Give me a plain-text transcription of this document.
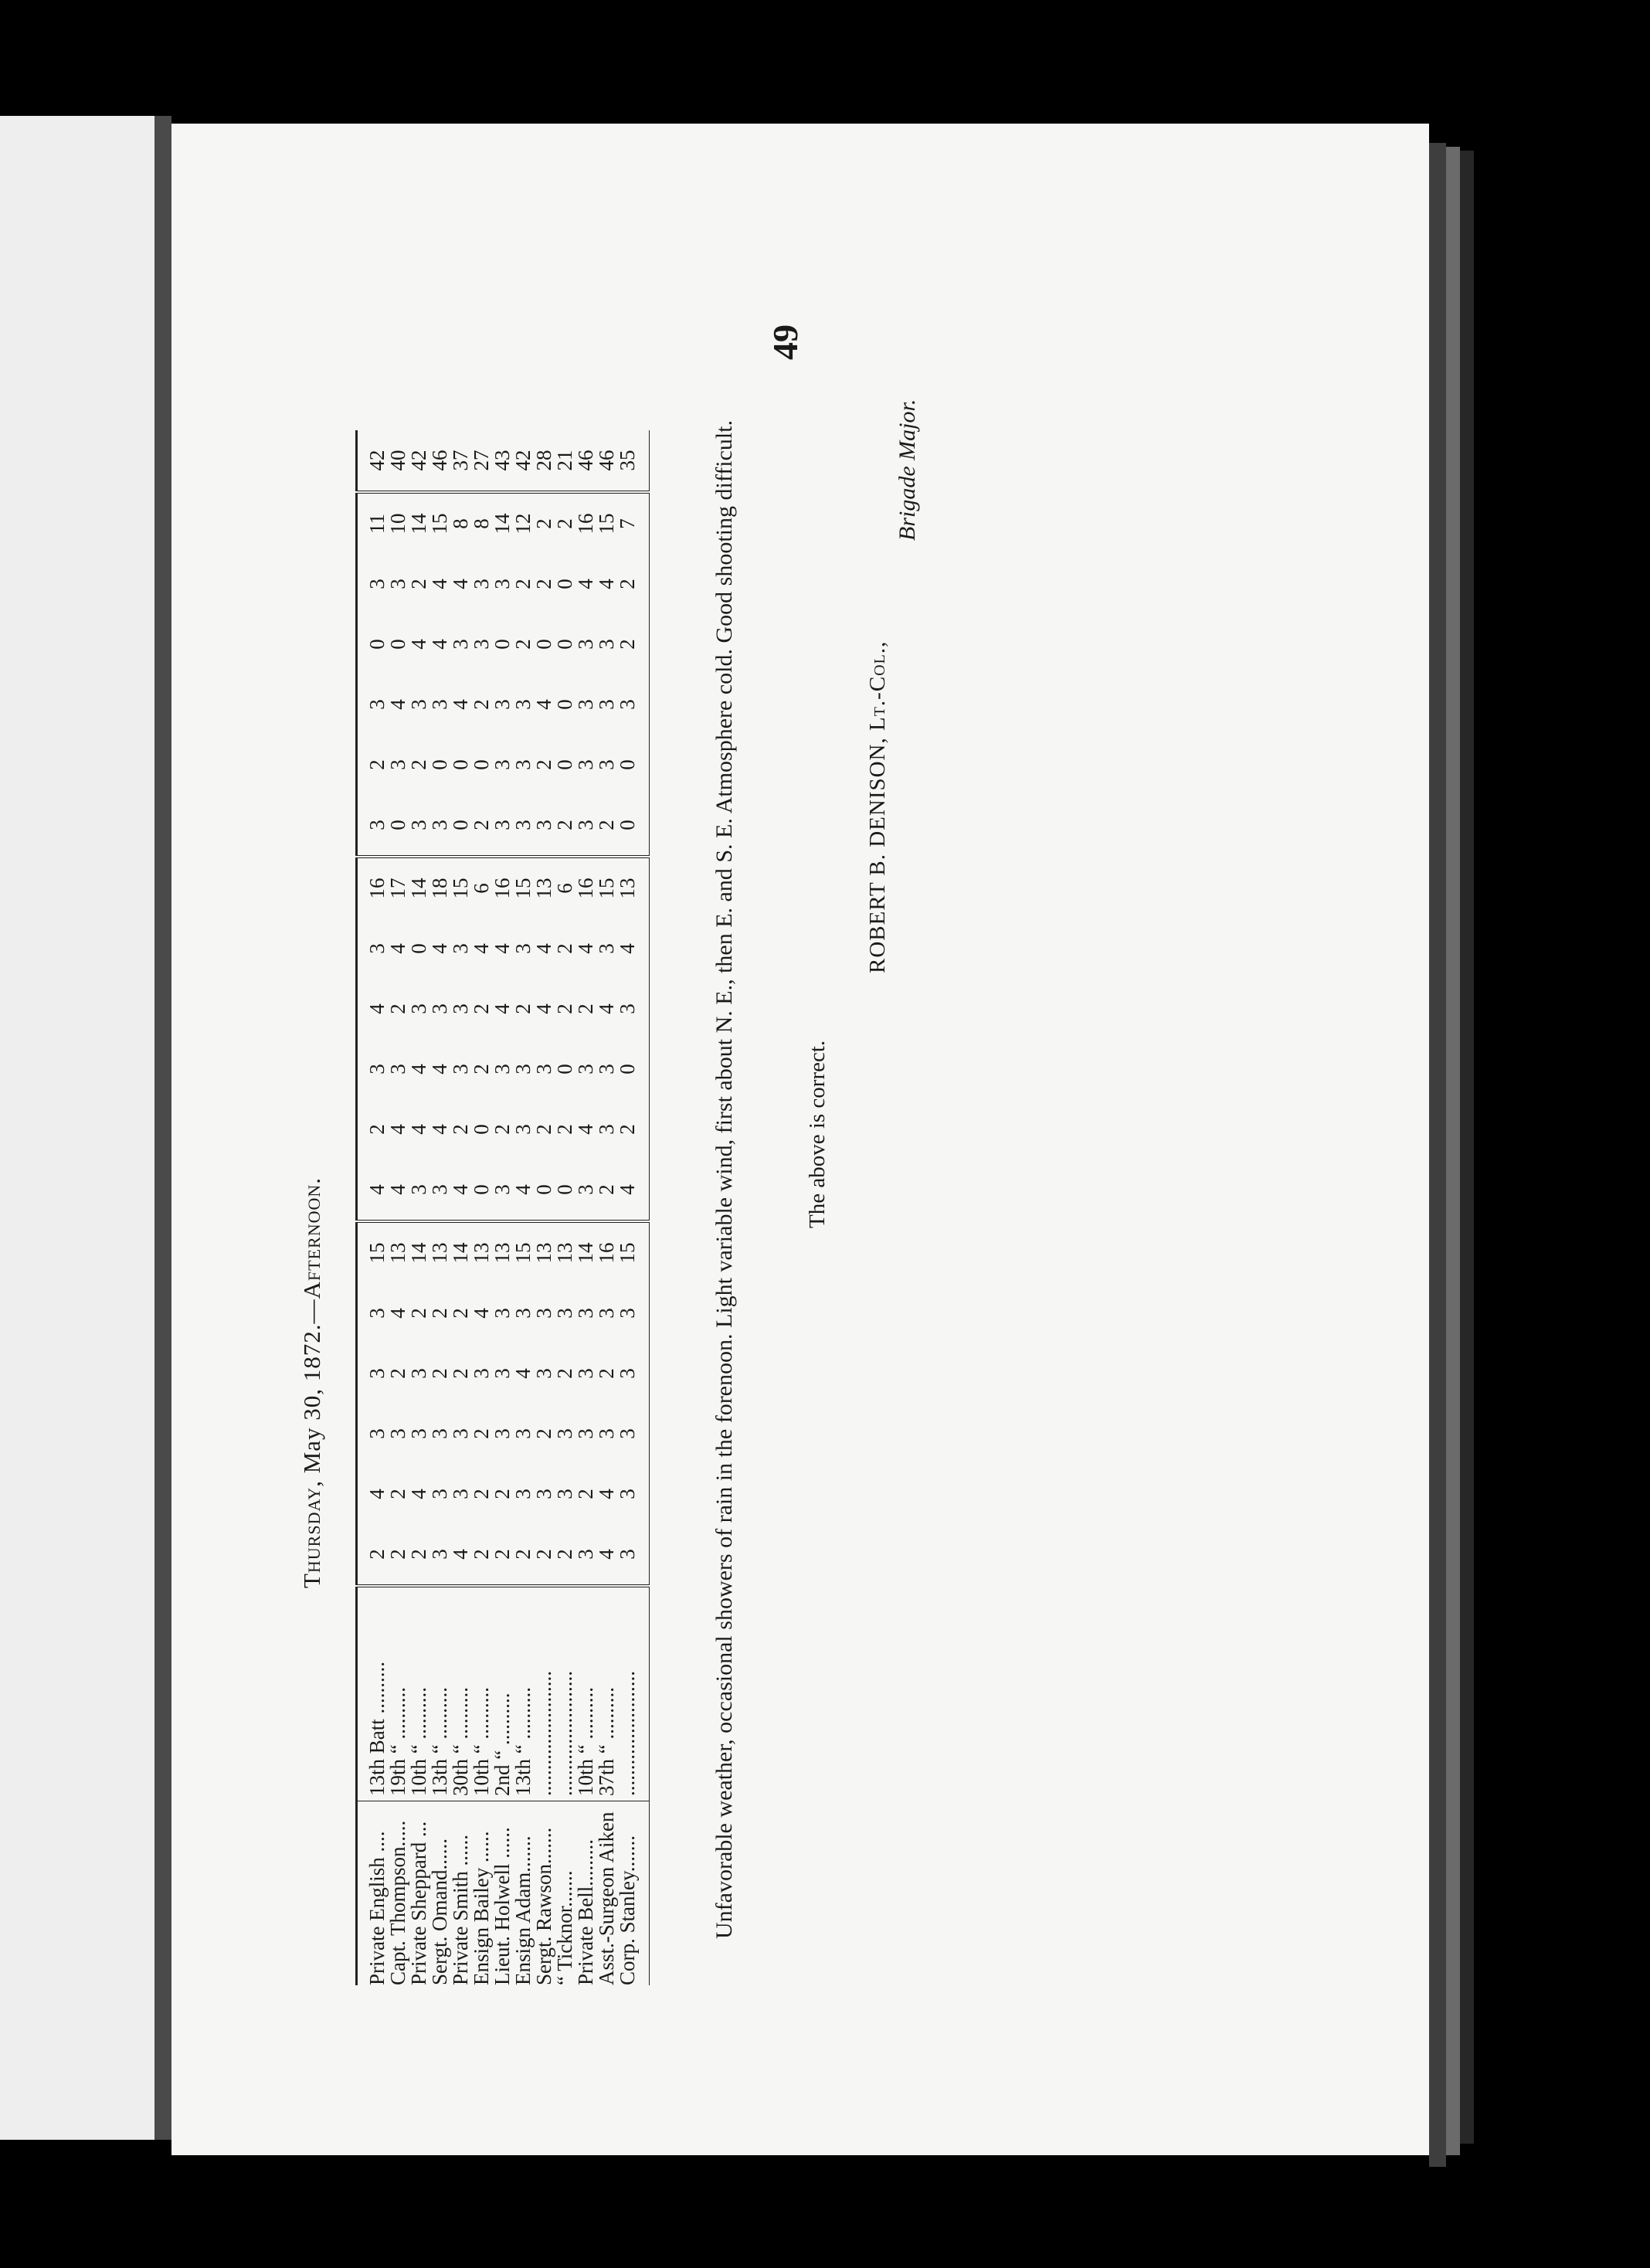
49
Thursday, May 30, 1872.—Afternoon.
Private English ....	13th Batt ..........	2	4	3	3	3	15	4	2	3	4	3	16	3	2	3	0	3	11	42
Capt. Thompson.....	19th “ ..........	2	2	3	2	4	13	4	4	3	2	4	17	0	3	4	0	3	10	40
Private Sheppard ...	10th “ ..........	2	4	3	3	2	14	3	4	4	3	0	14	3	2	3	4	2	14	42
Sergt. Omand......	13th “ ..........	3	3	3	2	2	13	3	4	4	3	4	18	3	0	3	4	4	15	46
Private Smith ......	30th “ ..........	4	3	3	2	2	14	4	2	3	3	3	15	0	0	4	3	4	8	37
Ensign Bailey ......	10th “ ..........	2	2	2	3	4	13	0	0	2	2	4	6	2	0	2	3	3	8	27
Lieut. Holwell ......	2nd “ ..........	2	2	3	3	3	13	3	2	3	4	4	16	3	3	3	0	3	14	43
Ensign Adam.......	13th “ ..........	2	3	3	4	3	15	4	3	3	2	3	15	3	3	3	2	2	12	42
Sergt. Rawson.......	........................	2	3	2	3	3	13	0	2	3	4	4	13	3	2	4	0	2	2	28
“ Ticknor.......	........................	2	3	3	2	3	13	0	2	0	2	2	6	2	0	0	0	0	2	21
Private Bell.........	10th “ ..........	3	2	3	3	3	14	3	4	3	2	4	16	3	3	3	3	4	16	46
Asst.-Surgeon Aiken	37th “ ..........	4	4	3	2	3	16	2	3	3	4	3	15	2	3	3	3	4	15	46
Corp. Stanley.......	........................	3	3	3	3	3	15	4	2	0	3	4	13	0	0	3	2	2	7	35	Unfavorable weather, occasional showers of rain in the forenoon. Light variable wind, first about N. E., then E. and S. E. Atmosphere cold. Good shooting difficult.	The above is correct.
ROBERT B. DENISON, Lt.-Col.,
Brigade Major.
